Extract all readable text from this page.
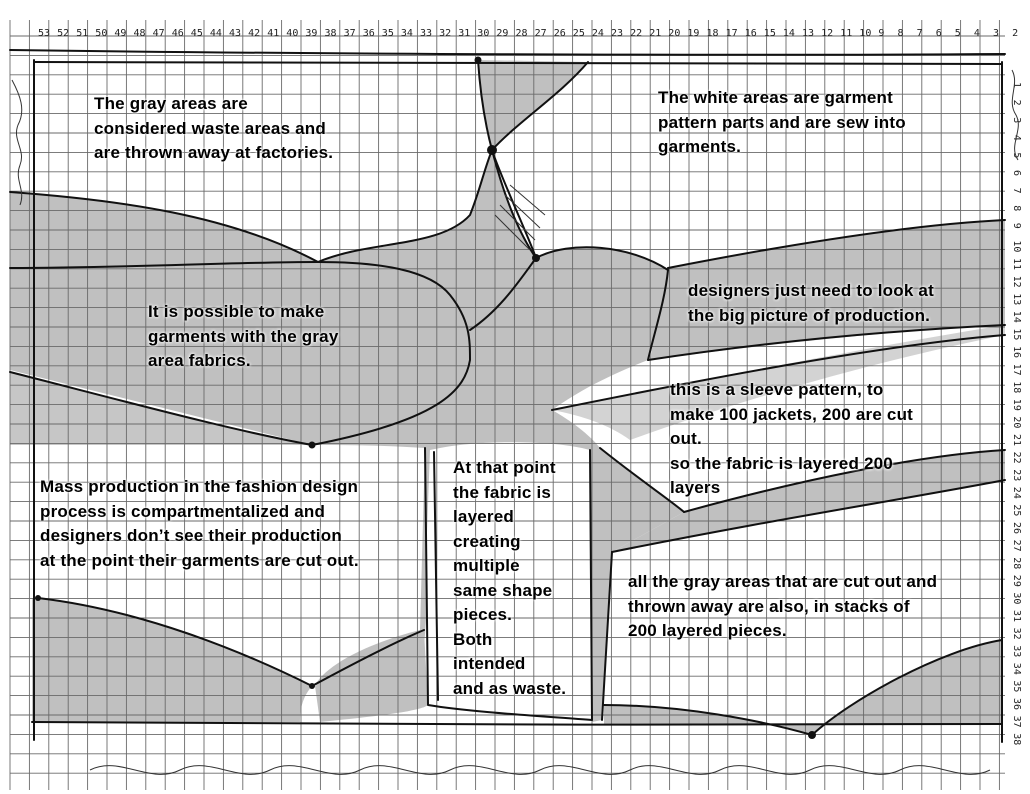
53 52 51 50 49 48 47 46 45 44 43 42 41 40 39 38 37 36 35 34 33 32 31 30 29 28 27 26 25 24 23 22 21 20 19 18 17 16 15 14 13 12 11 10 9 8 7 6 5 4 3 2
1
2
3
4
5
6
7
8
9
10
11
12
13
14
15
16
17
18
19
20
21
22
23
24
25
26
27
28
29
30
31
32
33
34
35
36
37
38
The gray areas are
considered waste areas and
are thrown away at factories.
The white areas are garment
pattern parts and are sew into
garments.
It is possible to make
garments with the gray
area fabrics.
designers just need to look at
the big picture of production.
this is a sleeve pattern, to
make 100 jackets, 200 are cut
out.
so the fabric is layered 200
layers
Mass production in the fashion design
process is compartmentalized and
designers don’t see their production
at the point their garments are cut out.
At that point
the fabric is
layered
creating
multiple
same shape
pieces.
Both
intended
and as waste.
all the gray areas that are cut out and
thrown away are also, in stacks of
200 layered pieces.
